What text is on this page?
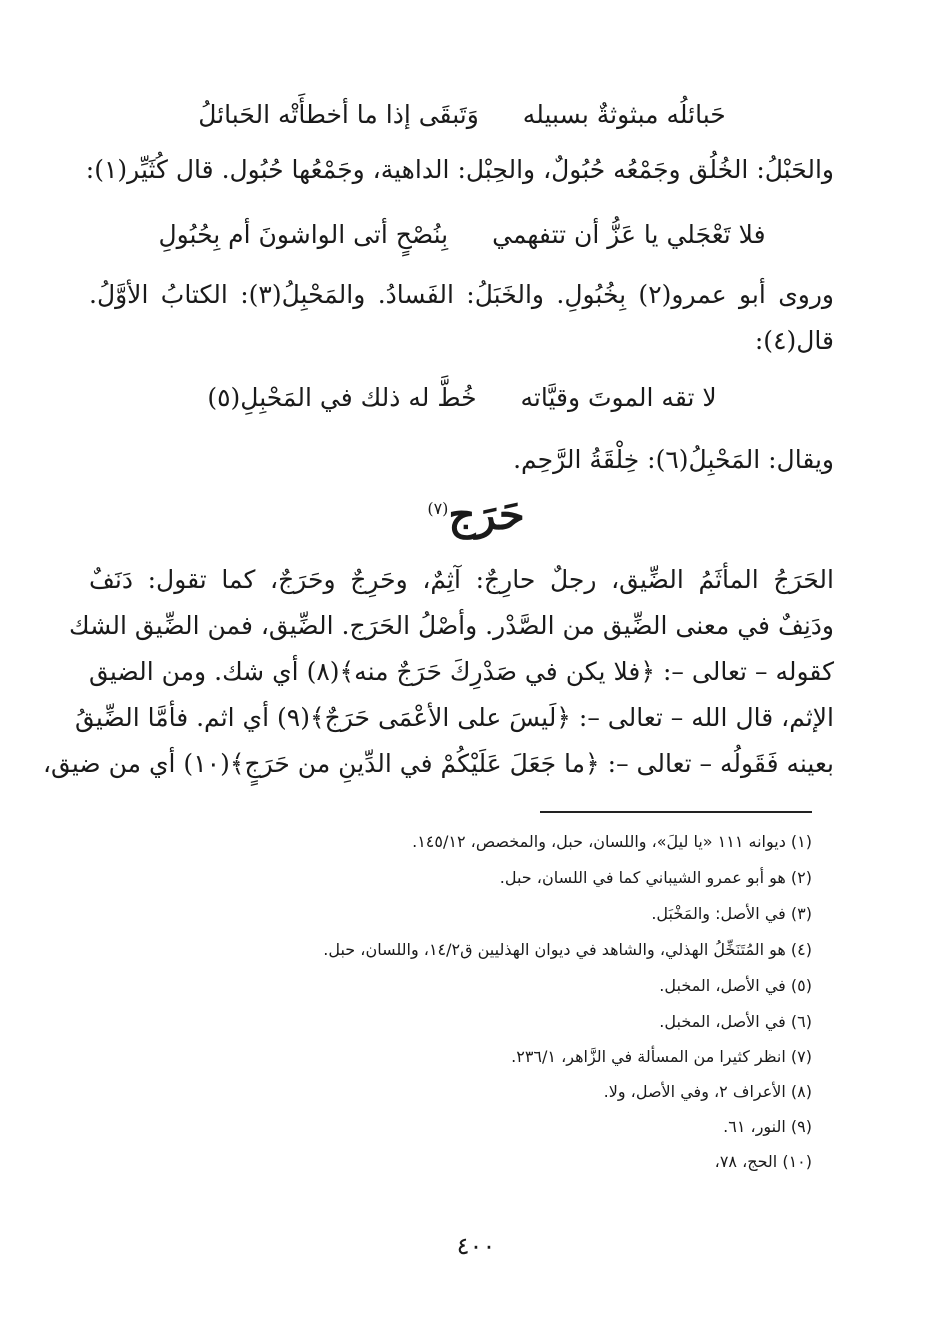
حَبائلُه مبثوثةٌ بسبيله
وَتَبقَى إذا ما أخطأَتْه الحَبائلُ
والحَبْلُ: الخُلُق وجَمْعُه حُبُولٌ، والحِبْل: الداهية، وجَمْعُها حُبُول. قال كُثَيِّر(١):
فلا تَعْجَلي يا عَزُّ أن تتفهمي
بِنُصْحٍ أتى الواشونَ أم بِحُبُولِ
وروى أبو عمرو(٢) بِخُبُولِ. والخَبَلُ: الفَسادُ. والمَحْبِلُ(٣): الكتابُ الأوَّلُ.
قال(٤):
لا تقه الموتَ وقيَّاته
خُطَّ له ذلك في المَحْبِلِ(٥)
ويقال: المَحْبِلُ(٦): خِلْقَةُ الرَّحِم.
حَرَج$^{(٧)}$
الحَرَجُ المأثَمُ الضِّيق، رجلٌ حارِجٌ: آثِمٌ، وحَرِجٌ وحَرَجٌ، كما تقول: دَنَفٌ
ودَنِفٌ في معنى الضِّيق من الصَّدْر. وأصْلُ الحَرَج. الضِّيق، فمن الضِّيق الشك
كقوله – تعالى –: ﴿فلا يكن في صَدْرِكَ حَرَجٌ منه﴾(٨) أي شك. ومن الضيق
الإثم، قال الله – تعالى –: ﴿لَيسَ على الأعْمَى حَرَجٌ﴾(٩) أي اثم. فأمَّا الضِّيقُ
بعينه فَقَولُه – تعالى –: ﴿ما جَعَلَ عَلَيْكُمْ في الدِّينِ من حَرَجٍ﴾(١٠) أي من ضيق،
(١) ديوانه ١١١ «يا ليلَ»، واللسان، حبل، والمخصص، ١٤٥/١٢.
(٢) هو أبو عمرو الشيباني كما في اللسان، حبل.
(٣) في الأصل: والمَخْبَل.
(٤) هو المُتَنَخِّلُ الهذلي، والشاهد في ديوان الهذليين ق١٤/٢، واللسان، حبل.
(٥) في الأصل، المخبل.
(٦) في الأصل، المخبل.
(٧) انظر كثيرا من المسألة في الزَّاهر، ٢٣٦/١.
(٨) الأعراف ٢، وفي الأصل، ولا.
(٩) النور، ٦١.
(١٠) الحج، ٧٨،
٤٠٠
